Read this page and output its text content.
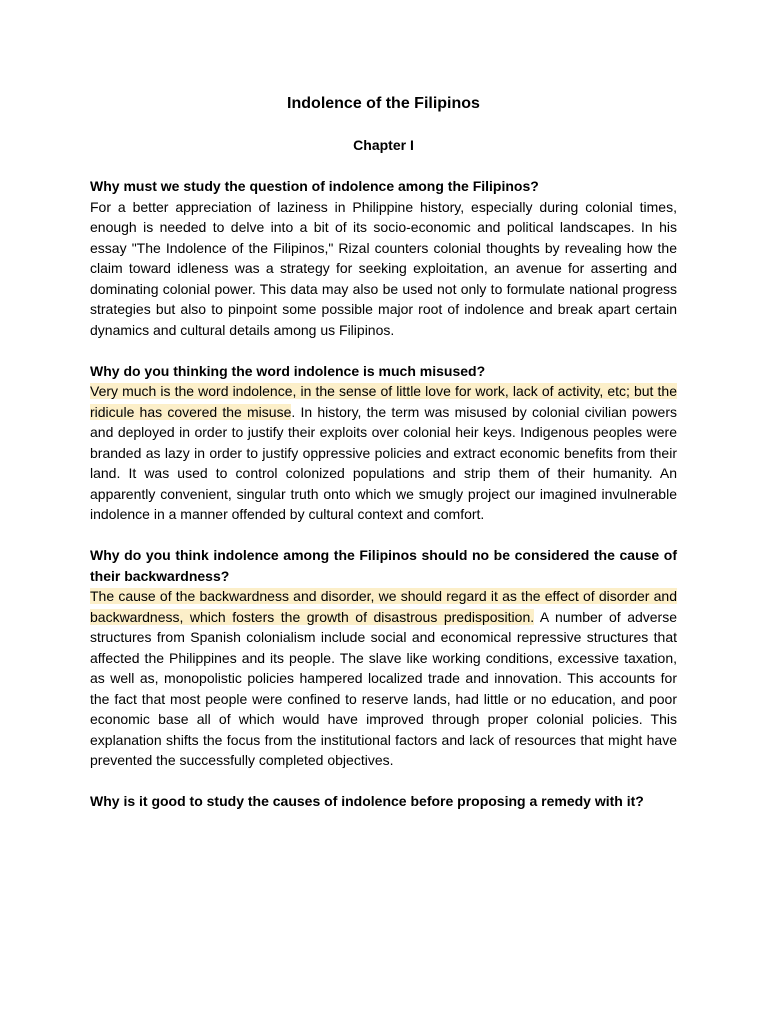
Indolence of the Filipinos
Chapter I

Why must we study the question of indolence among the Filipinos?

For a better appreciation of laziness in Philippine history, especially during colonial times, enough is needed to delve into a bit of its socio-economic and political landscapes. In his essay "The Indolence of the Filipinos," Rizal counters colonial thoughts by revealing how the claim toward idleness was a strategy for seeking exploitation, an avenue for asserting and dominating colonial power. This data may also be used not only to formulate national progress strategies but also to pinpoint some possible major root of indolence and break apart certain dynamics and cultural details among us Filipinos.

Why do you thinking the word indolence is much misused?

Very much is the word indolence, in the sense of little love for work, lack of activity, etc; but the ridicule has covered the misuse. In history, the term was misused by colonial civilian powers and deployed in order to justify their exploits over colonial heir keys. Indigenous peoples were branded as lazy in order to justify oppressive policies and extract economic benefits from their land. It was used to control colonized populations and strip them of their humanity. An apparently convenient, singular truth onto which we smugly project our imagined invulnerable indolence in a manner offended by cultural context and comfort.

Why do you think indolence among the Filipinos should no be considered the cause of their backwardness?

The cause of the backwardness and disorder, we should regard it as the effect of disorder and backwardness, which fosters the growth of disastrous predisposition. A number of adverse structures from Spanish colonialism include social and economical repressive structures that affected the Philippines and its people. The slave like working conditions, excessive taxation, as well as, monopolistic policies hampered localized trade and innovation. This accounts for the fact that most people were confined to reserve lands, had little or no education, and poor economic base all of which would have improved through proper colonial policies. This explanation shifts the focus from the institutional factors and lack of resources that might have prevented the successfully completed objectives.

Why is it good to study the causes of indolence before proposing a remedy with it?
